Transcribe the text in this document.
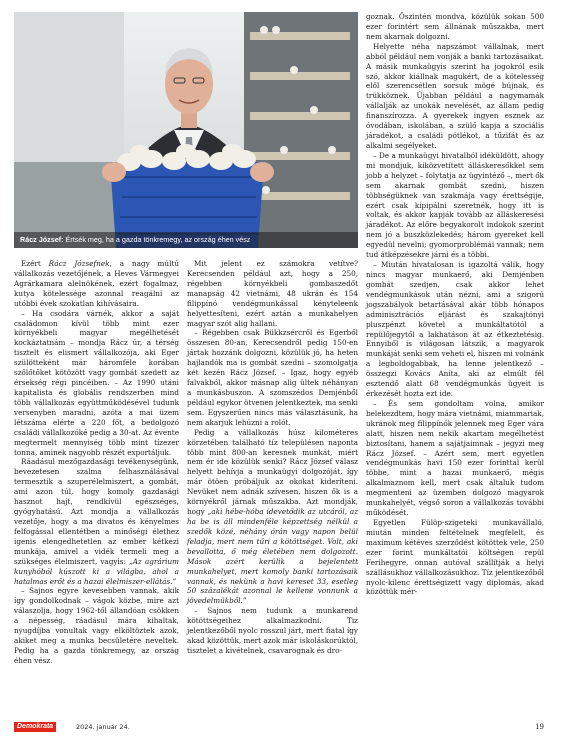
Rácz József: Értsék meg, ha a gazda tönkremegy, az ország éhen vész

Ezért Rácz Józsefnek, a nagy múltú vállalkozás vezetőjének, a Heves Vármegyei Agrárkamara alelnökének, ezért fogalmaz, kutya kötelessége azonnal reagálni az utóbbi évek szokatlan kihívásaira.

– Ha csodára várnék, akkor a saját családomon kívül több mint ezer környékbeli magyar megélhetését kockáztatnám – mondja Rácz úr, a térség tisztelt és elismert vállalkozója, aki Eger szülötteként már háromféle korában szőlőtőket kötözött vagy gombát szedett az érsekség régi pincéiben. – Az 1990 utáni kapitalista és globális rendszerben mind több vállalkozás együttműködésével tudunk versenyben maradni, azóta a mai üzem létszáma elérte a 220 főt, a bedolgozó családi vállalkozóké pedig a 30-at. Az éventе megtermelt mennyiség több mint tízezer tonna, aminek nagyobb részét exportáljuk.

Ráadásul mezőgazdasági tevékenységünk, bevezetesen szalma felhasználásával termesztik a szuperélelmiszert, a gombát, ami azon túl, hogy komoly gazdasági hasznot hajt, rendkívül egészséges, gyógyhatású. Azt mondja a vállalkozás vezetője, hogy a ma divatos és kényelmes felfogással ellentétben a minőségi élethez igenis elengedhetetlen az ember kétkezi munkája, amivel a vidék termeli meg a szükséges élelmiszert, vagyis: „Az agrárium kunyhóból kúszott ki a világba, ahol a hatalmas erőt és a hazai élelmiszer-ellátás.”

– Sajnos egyre kevesebben vannak, akik így gondolkodnak – vágok közbe, mire azt válaszolja, hogy 1962-től állandóan csökken a népesség, ráadásul mára kihaltak, nyugdíjba vonultak vagy elköltöztek azok, akiket meg a munka becsületére neveltek. Pedig ha a gazda tönkremegy, az ország éhen vész.

Mit jelent ez számokra vetítve? Kerecsenden például azt, hogy a 250, régebben környékbeli gombaszedőt manapság 42 vietnámi, 48 ukrán és 154 filippínó vendégmunkással kényteleenk helyettesíteni, ezért aztán a munkahelyen magyar szót alig hallani.

– Régebben csak Bükkzsércről és Egerből összesen 80-an, Kerecsendről pedig 150-en jártak hozzánk dolgozni, közülük jó, ha heten hajlandók ma is gombát szedni – szomolgatja két kezén Rácz József. – Igaz, hogy egyéb falvakból, akkor másnap alig ültek néhányan a munkásbuszon. A szomszédos Demjénből például egykor ötvenen jelentkeztek, ma senki sem. Egyszerűen nincs más választásunk, ha nem akarjuk lehúzni a rolót.

Pedig a vállalkozás húsz kilométeres körzetében található tíz településen napontа több mint 800-an keresnek munkát, miért nem ér ide közülük senki? Rácz József válasz helyett behívja a munkaügyi dolgozóját, így már ötöen próbáljuk az okokat kideríteni. Nevüket nem adnák szívesen, hiszen ők is a környékről járnak műszakba. Azt mondják, hogy „aki hébe-hóba idevetődik az utcáról, az ha be is áll mindenféle képzettség nélkül a szedők közé, néhány órán vagy napon belül feladja, mert nem tűri a kötöttséget. Volt, aki bevallotta, ő még életében nem dolgozott. Mások azért kerülik a bejelentett munkahelyet, mert komoly banki tartozásaik vannak, és nekünk a havi kereset 33, esetleg 50 százalékát azonnal le kellene vonnunk a jövedelmükből.”

– Sajnos nem tudunk a munkarend kötöttségeihez alkalmazkodni. Tiz jelentkezőből nyolc rosszul járt, mert fiatal így akad közöttük, mert azok már iskoláskorúktól, tisztelet a kivételnek, csavarognak és dro-

goznak. Őszintén mondva, közülük sokan 500 ezer forintért sem állnának műszakba, mert nem akarnak dolgozni.

Helyette néha napszámot vállalnak, mert abból például nem vonják a banki tartozásaikat. A másik munkaügyis szerint ha jogokról esik szó, akkor kiállnak magukért, de a kötelesség elől szerencsétlen sorsuk mögé bújnak, és trükköznek. Újabban például a nagymamák vállalják az unokák nevelését, az állam pedig finanszírozza. A gyerekek ingyen esznek az óvodában, iskolában, a szülő kapja a szociális járadékot, a családi pótlékot, a tűzifát és az alkalmi segélyeket.

– De a munkaügyi hivatalból idéküldött, ahogy mi mondjuk, kiközvetített álláskeresőkkel sem jobb a helyzet – folytatja az ügyintéző –, mert ők sem akarnak gombát szedni, hiszen többségüknek van szakmája vagy érettségije, ezért csak kipipálni szeretnék, hogy itt is voltak, és akkor kapják tovább az álláskeresési járadékot. Az előre begyakorolt indokok szerint nem jó a buszközlekedés; három gyereket kell egyedül nevelni; gyomorproblémái vannak; nem tud átképzésekre járni és a többi.

– Miután hivatalosan is igazoltá válik, hogy nincs magyar munkaerő, aki Demjénben gombát szedjen, csak akkor lehet vendégmunkások után nézni, ami a szigorú jogszabályok betartásával akár több hónapos adminisztrációs eljárást és szakajtónyi pluszpénzt követel a munkáltatótól a repülőjegytől a lakhatáson át az étkeztetésig. Ennyiből is világosan látszik, a magyarok munkáját senki sem veheti el, hiszen mi volnánk a legboldogabbak, ha lenne jelentkező – összegzi Kovács Anita, aki az elmúlt fél esztendő alatt 68 vendégmunkás ügyeit is érkezését hozta ezt ide.

– És sem gondoltam volna, amikor belekezdtem, hogy mára vietnámi, miammariak, ukránok meg filippínók jelennek meg Eger vára alatt, hiszen nem nekik akartam megélhetést biztosítani, hanem a sajátjaimnak – jegyzi meg Rácz József. – Azért sem, mert egyetlen vendégmunkás havi 150 ezer forinttal kerül többe, mint a hazai munkaerő, mégis alkalmaznom kell, mert csak általuk tudom megmenteni az üzemben dolgozó magyarok munkahelyét, végső soron a vállalkozás további működését.

Egyetlen Fülöp-szigeteki munkavállaló, miután minden feltételnek megfelelt, és maximum kétéves szerződést kötöttek vele, 250 ezer forint munkáltatói költségen repül Ferihegyre, onnan autóval szállítják a helyi szállásukhoz vállalkozásukhoz. Tíz jelentkezőből nyolc-kilenc érettségizett vagy diplomás, akad közöttük mér-

Demokrata	2024. január 24.	19
